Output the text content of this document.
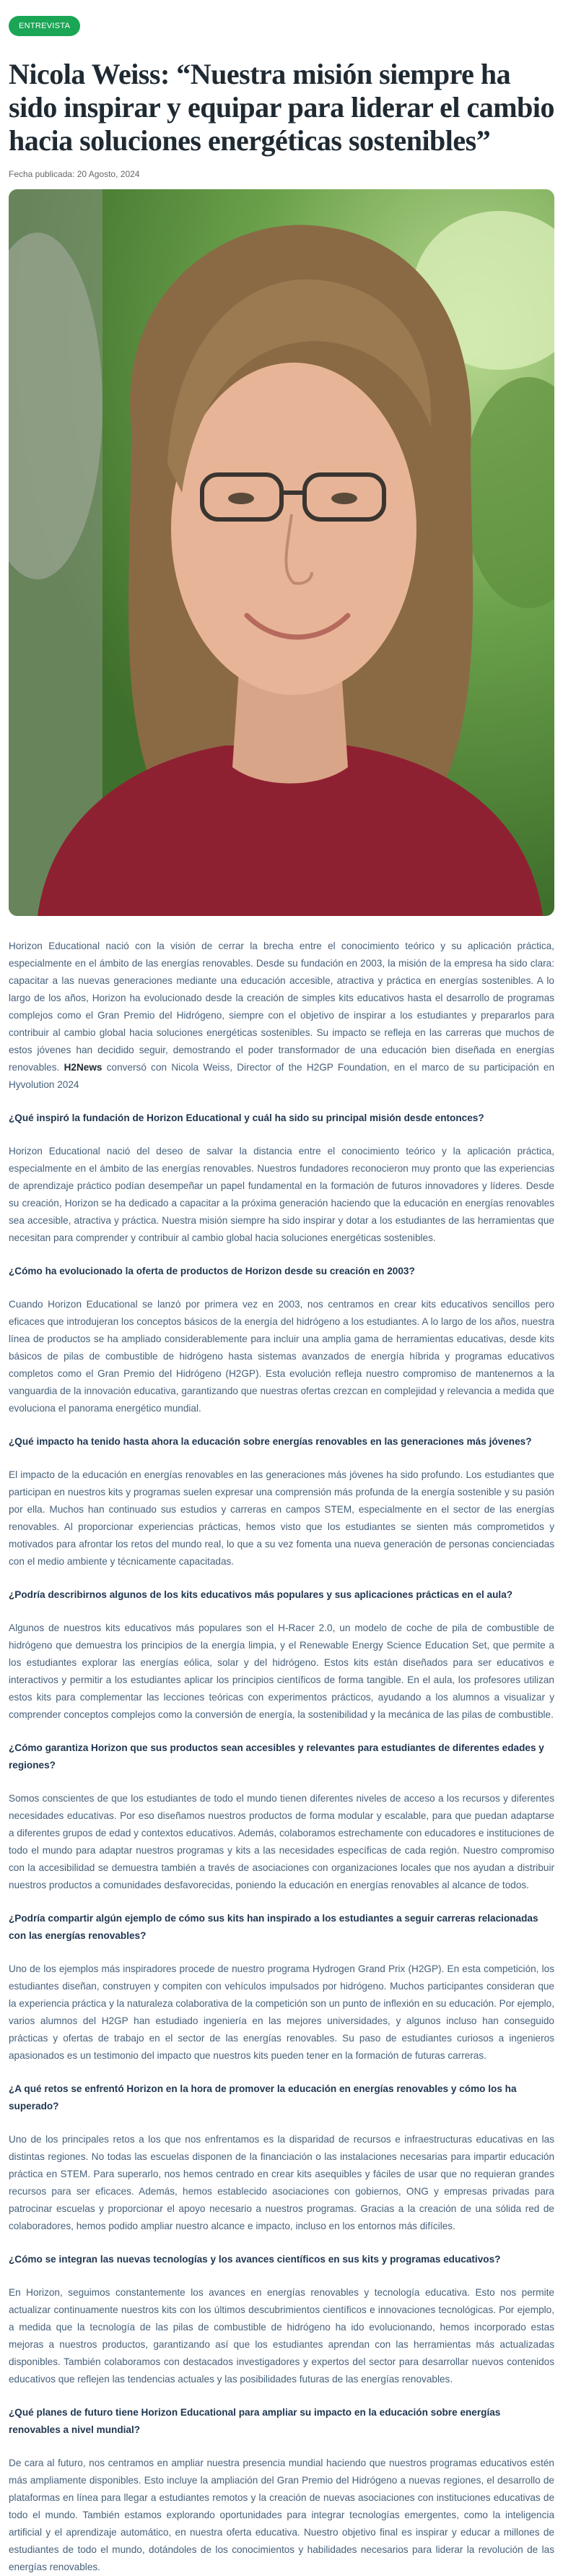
ENTREVISTA
Nicola Weiss: “Nuestra misión siempre ha sido inspirar y equipar para liderar el cambio hacia soluciones energéticas sostenibles”
Fecha publicada: 20 Agosto, 2024

Horizon Educational nació con la visión de cerrar la brecha entre el conocimiento teórico y su aplicación práctica, especialmente en el ámbito de las energías renovables. Desde su fundación en 2003, la misión de la empresa ha sido clara: capacitar a las nuevas generaciones mediante una educación accesible, atractiva y práctica en energías sostenibles. A lo largo de los años, Horizon ha evolucionado desde la creación de simples kits educativos hasta el desarrollo de programas complejos como el Gran Premio del Hidrógeno, siempre con el objetivo de inspirar a los estudiantes y prepararlos para contribuir al cambio global hacia soluciones energéticas sostenibles. Su impacto se refleja en las carreras que muchos de estos jóvenes han decidido seguir, demostrando el poder transformador de una educación bien diseñada en energías renovables. H2News conversó con Nicola Weiss, Director of the H2GP Foundation, en el marco de su participación en Hyvolution 2024

¿Qué inspiró la fundación de Horizon Educational y cuál ha sido su principal misión desde entonces?

Horizon Educational nació del deseo de salvar la distancia entre el conocimiento teórico y la aplicación práctica, especialmente en el ámbito de las energías renovables. Nuestros fundadores reconocieron muy pronto que las experiencias de aprendizaje práctico podían desempeñar un papel fundamental en la formación de futuros innovadores y líderes. Desde su creación, Horizon se ha dedicado a capacitar a la próxima generación haciendo que la educación en energías renovables sea accesible, atractiva y práctica. Nuestra misión siempre ha sido inspirar y dotar a los estudiantes de las herramientas que necesitan para comprender y contribuir al cambio global hacia soluciones energéticas sostenibles.

¿Cómo ha evolucionado la oferta de productos de Horizon desde su creación en 2003?

Cuando Horizon Educational se lanzó por primera vez en 2003, nos centramos en crear kits educativos sencillos pero eficaces que introdujeran los conceptos básicos de la energía del hidrógeno a los estudiantes. A lo largo de los años, nuestra línea de productos se ha ampliado considerablemente para incluir una amplia gama de herramientas educativas, desde kits básicos de pilas de combustible de hidrógeno hasta sistemas avanzados de energía híbrida y programas educativos completos como el Gran Premio del Hidrógeno (H2GP). Esta evolución refleja nuestro compromiso de mantenernos a la vanguardia de la innovación educativa, garantizando que nuestras ofertas crezcan en complejidad y relevancia a medida que evoluciona el panorama energético mundial.

¿Qué impacto ha tenido hasta ahora la educación sobre energías renovables en las generaciones más jóvenes?

El impacto de la educación en energías renovables en las generaciones más jóvenes ha sido profundo. Los estudiantes que participan en nuestros kits y programas suelen expresar una comprensión más profunda de la energía sostenible y su pasión por ella. Muchos han continuado sus estudios y carreras en campos STEM, especialmente en el sector de las energías renovables. Al proporcionar experiencias prácticas, hemos visto que los estudiantes se sienten más comprometidos y motivados para afrontar los retos del mundo real, lo que a su vez fomenta una nueva generación de personas concienciadas con el medio ambiente y técnicamente capacitadas.

¿Podría describirnos algunos de los kits educativos más populares y sus aplicaciones prácticas en el aula?

Algunos de nuestros kits educativos más populares son el H-Racer 2.0, un modelo de coche de pila de combustible de hidrógeno que demuestra los principios de la energía limpia, y el Renewable Energy Science Education Set, que permite a los estudiantes explorar las energías eólica, solar y del hidrógeno. Estos kits están diseñados para ser educativos e interactivos y permitir a los estudiantes aplicar los principios científicos de forma tangible. En el aula, los profesores utilizan estos kits para complementar las lecciones teóricas con experimentos prácticos, ayudando a los alumnos a visualizar y comprender conceptos complejos como la conversión de energía, la sostenibilidad y la mecánica de las pilas de combustible.

¿Cómo garantiza Horizon que sus productos sean accesibles y relevantes para estudiantes de diferentes edades y regiones?

Somos conscientes de que los estudiantes de todo el mundo tienen diferentes niveles de acceso a los recursos y diferentes necesidades educativas. Por eso diseñamos nuestros productos de forma modular y escalable, para que puedan adaptarse a diferentes grupos de edad y contextos educativos. Además, colaboramos estrechamente con educadores e instituciones de todo el mundo para adaptar nuestros programas y kits a las necesidades específicas de cada región. Nuestro compromiso con la accesibilidad se demuestra también a través de asociaciones con organizaciones locales que nos ayudan a distribuir nuestros productos a comunidades desfavorecidas, poniendo la educación en energías renovables al alcance de todos.

¿Podría compartir algún ejemplo de cómo sus kits han inspirado a los estudiantes a seguir carreras relacionadas con las energías renovables?

Uno de los ejemplos más inspiradores procede de nuestro programa Hydrogen Grand Prix (H2GP). En esta competición, los estudiantes diseñan, construyen y compiten con vehículos impulsados por hidrógeno. Muchos participantes consideran que la experiencia práctica y la naturaleza colaborativa de la competición son un punto de inflexión en su educación. Por ejemplo, varios alumnos del H2GP han estudiado ingeniería en las mejores universidades, y algunos incluso han conseguido prácticas y ofertas de trabajo en el sector de las energías renovables. Su paso de estudiantes curiosos a ingenieros apasionados es un testimonio del impacto que nuestros kits pueden tener en la formación de futuras carreras.

¿A qué retos se enfrentó Horizon en la hora de promover la educación en energías renovables y cómo los ha superado?

Uno de los principales retos a los que nos enfrentamos es la disparidad de recursos e infraestructuras educativas en las distintas regiones. No todas las escuelas disponen de la financiación o las instalaciones necesarias para impartir educación práctica en STEM. Para superarlo, nos hemos centrado en crear kits asequibles y fáciles de usar que no requieran grandes recursos para ser eficaces. Además, hemos establecido asociaciones con gobiernos, ONG y empresas privadas para patrocinar escuelas y proporcionar el apoyo necesario a nuestros programas. Gracias a la creación de una sólida red de colaboradores, hemos podido ampliar nuestro alcance e impacto, incluso en los entornos más difíciles.

¿Cómo se integran las nuevas tecnologías y los avances científicos en sus kits y programas educativos?

En Horizon, seguimos constantemente los avances en energías renovables y tecnología educativa. Esto nos permite actualizar continuamente nuestros kits con los últimos descubrimientos científicos e innovaciones tecnológicas. Por ejemplo, a medida que la tecnología de las pilas de combustible de hidrógeno ha ido evolucionando, hemos incorporado estas mejoras a nuestros productos, garantizando así que los estudiantes aprendan con las herramientas más actualizadas disponibles. También colaboramos con destacados investigadores y expertos del sector para desarrollar nuevos contenidos educativos que reflejen las tendencias actuales y las posibilidades futuras de las energías renovables.

¿Qué planes de futuro tiene Horizon Educational para ampliar su impacto en la educación sobre energías renovables a nivel mundial?

De cara al futuro, nos centramos en ampliar nuestra presencia mundial haciendo que nuestros programas educativos estén más ampliamente disponibles. Esto incluye la ampliación del Gran Premio del Hidrógeno a nuevas regiones, el desarrollo de plataformas en línea para llegar a estudiantes remotos y la creación de nuevas asociaciones con instituciones educativas de todo el mundo. También estamos explorando oportunidades para integrar tecnologías emergentes, como la inteligencia artificial y el aprendizaje automático, en nuestra oferta educativa. Nuestro objetivo final es inspirar y educar a millones de estudiantes de todo el mundo, dotándoles de los conocimientos y habilidades necesarios para liderar la revolución de las energías renovables.
